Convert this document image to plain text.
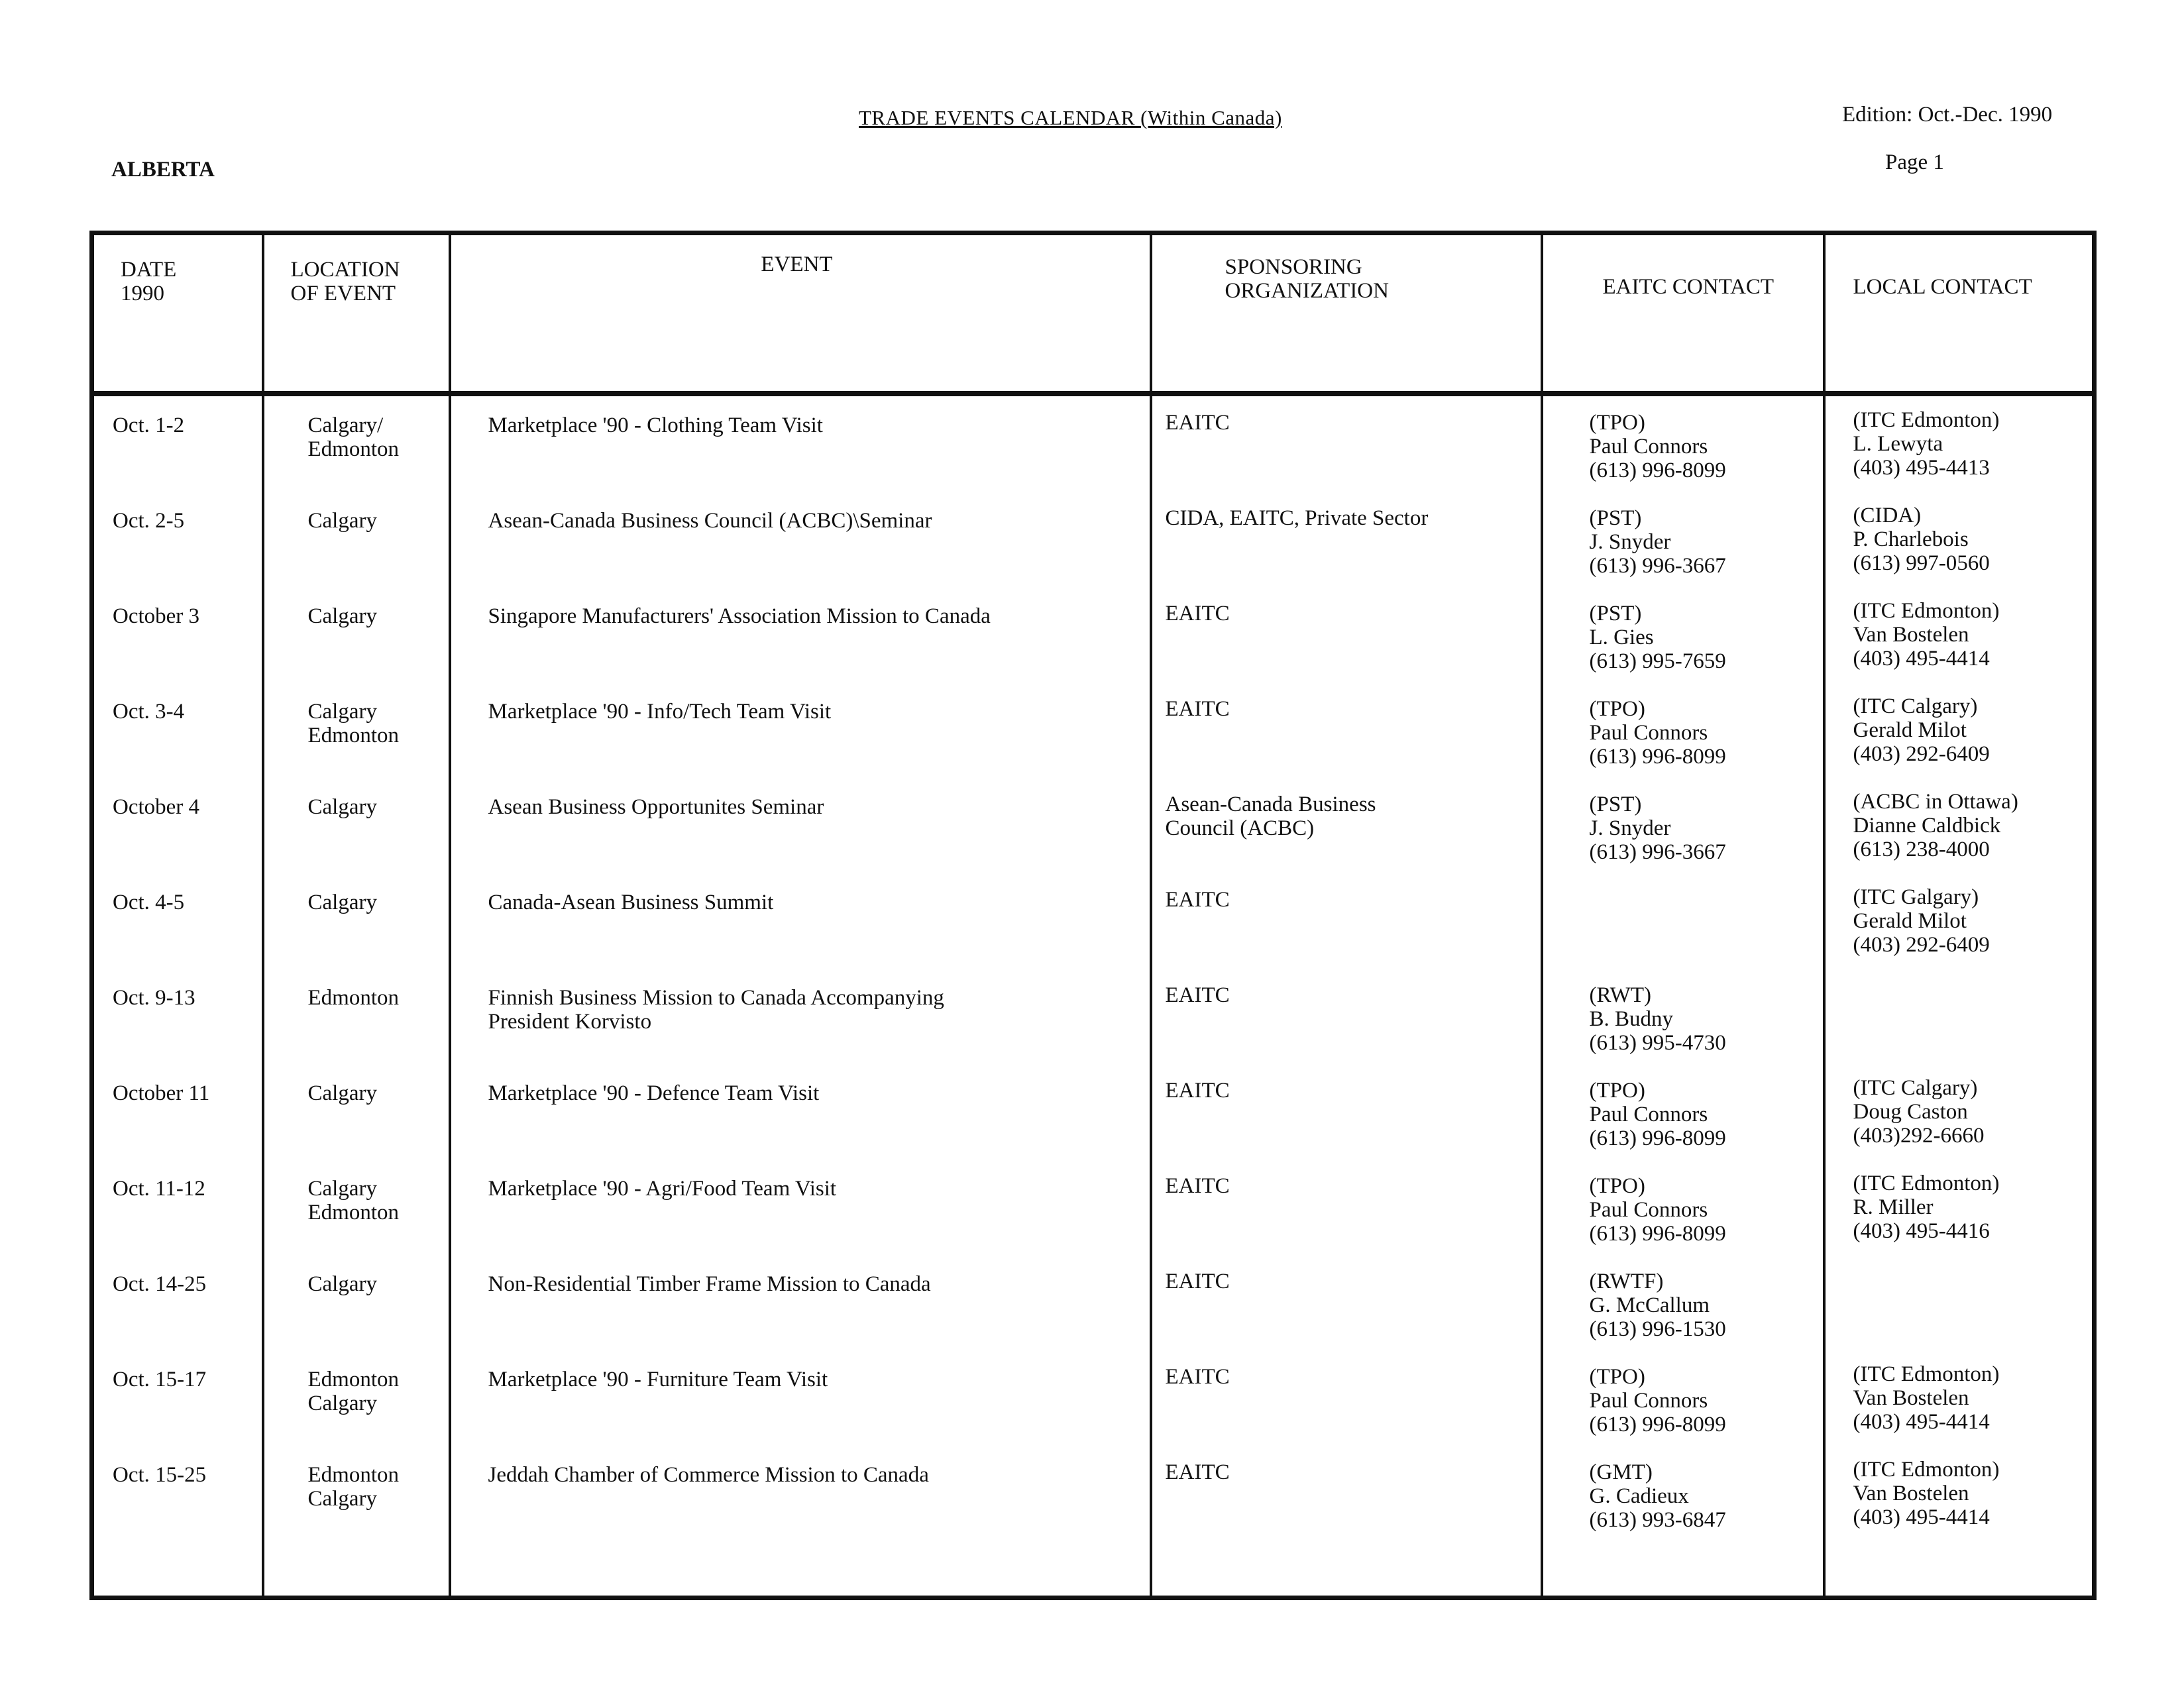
TRADE EVENTS CALENDAR (Within Canada)	Edition: Oct.-Dec. 1990
Page 1
ALBERTA
DATE
1990	LOCATION
OF EVENT	EVENT	SPONSORING
ORGANIZATION	EAITC CONTACT	LOCAL CONTACT

Oct. 1-2	Calgary/
Edmonton	Marketplace '90 - Clothing Team Visit	EAITC	(TPO)
Paul Connors
(613) 996-8099	(ITC Edmonton)
L. Lewyta
(403) 495-4413

Oct. 2-5	Calgary	Asean-Canada Business Council (ACBC)\Seminar	CIDA, EAITC, Private Sector	(PST)
J. Snyder
(613) 996-3667	(CIDA)
P. Charlebois
(613) 997-0560

October 3	Calgary	Singapore Manufacturers' Association Mission to Canada	EAITC	(PST)
L. Gies
(613) 995-7659	(ITC Edmonton)
Van Bostelen
(403) 495-4414

Oct. 3-4	Calgary
Edmonton	Marketplace '90 - Info/Tech Team Visit	EAITC	(TPO)
Paul Connors
(613) 996-8099	(ITC Calgary)
Gerald Milot
(403) 292-6409

October 4	Calgary	Asean Business Opportunites Seminar	Asean-Canada Business
Council (ACBC)	(PST)
J. Snyder
(613) 996-3667	(ACBC in Ottawa)
Dianne Caldbick
(613) 238-4000

Oct. 4-5	Calgary	Canada-Asean Business Summit	EAITC		(ITC Galgary)
Gerald Milot
(403) 292-6409

Oct. 9-13	Edmonton	Finnish Business Mission to Canada Accompanying
President Korvisto	EAITC	(RWT)
B. Budny
(613) 995-4730	

October 11	Calgary	Marketplace '90 - Defence Team Visit	EAITC	(TPO)
Paul Connors
(613) 996-8099	(ITC Calgary)
Doug Caston
(403)292-6660

Oct. 11-12	Calgary
Edmonton	Marketplace '90 - Agri/Food Team Visit	EAITC	(TPO)
Paul Connors
(613) 996-8099	(ITC Edmonton)
R. Miller
(403) 495-4416

Oct. 14-25	Calgary	Non-Residential Timber Frame Mission to Canada	EAITC	(RWTF)
G. McCallum
(613) 996-1530	

Oct. 15-17	Edmonton
Calgary	Marketplace '90 - Furniture Team Visit	EAITC	(TPO)
Paul Connors
(613) 996-8099	(ITC Edmonton)
Van Bostelen
(403) 495-4414

Oct. 15-25	Edmonton
Calgary	Jeddah Chamber of Commerce Mission to Canada	EAITC	(GMT)
G. Cadieux
(613) 993-6847	(ITC Edmonton)
Van Bostelen
(403) 495-4414
